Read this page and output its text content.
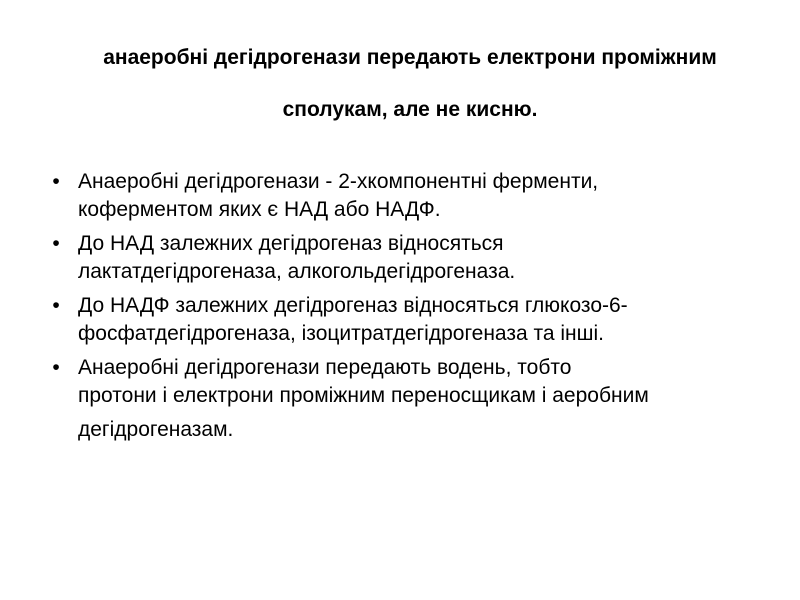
анаеробні дегідрогенази передають електрони проміжним
сполукам, але не кисню.
• Анаеробні дегідрогенази - 2-хкомпонентні ферменти,
коферментом яких є НАД або НАДФ.
• До НАД залежних дегідрогеназ відносяться
лактатдегідрогеназа, алкогольдегідрогеназа.
• До НАДФ залежних дегідрогеназ відносяться глюкозо-6-
фосфатдегідрогеназа, ізоцитратдегідрогеназа та інші.
• Анаеробні дегідрогенази передають водень, тобто
протони і електрони проміжним переносщикам і аеробним
дегідрогеназам.
